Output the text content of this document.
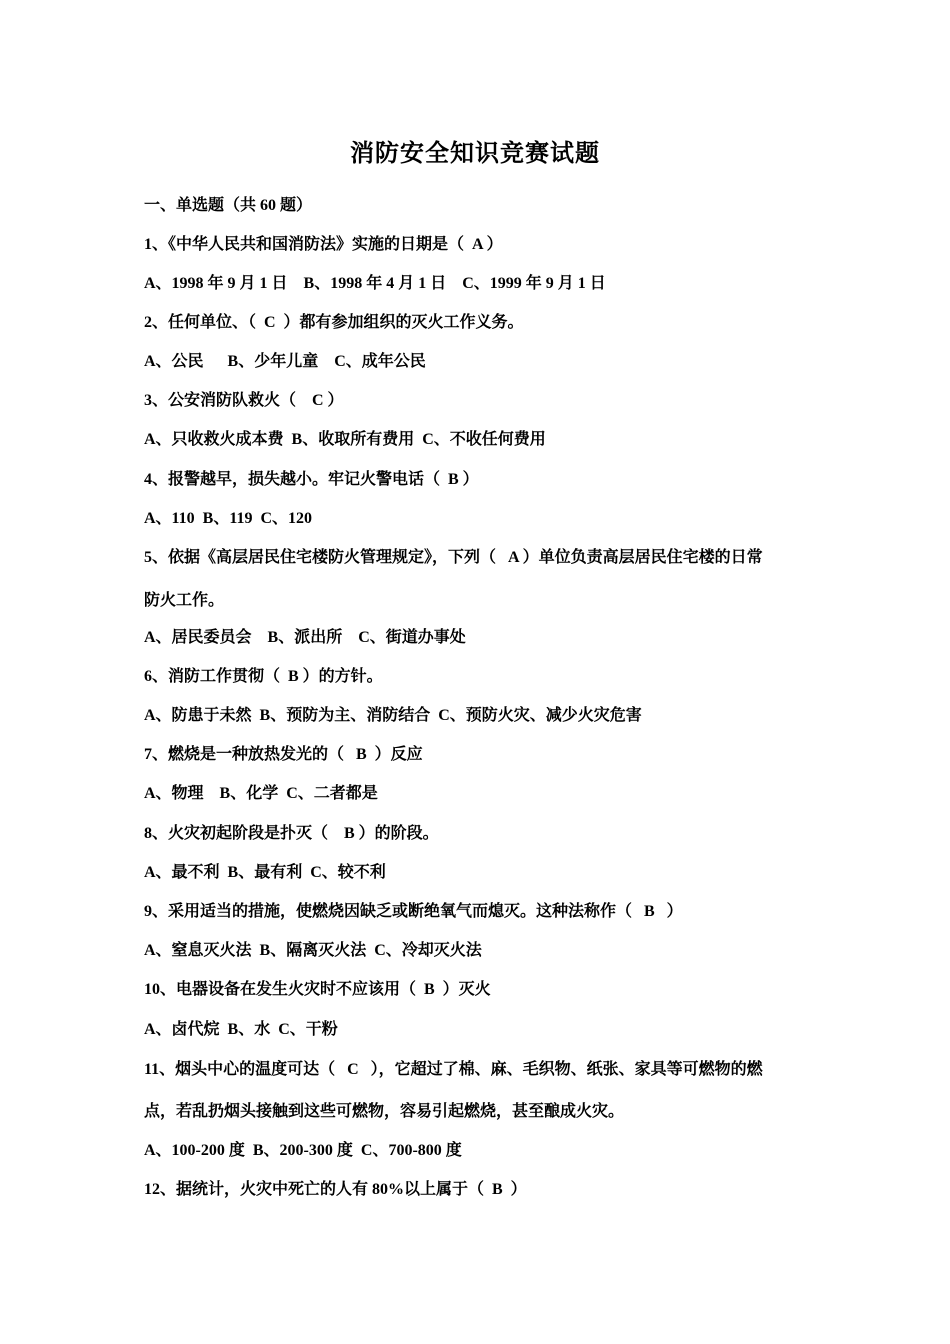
消防安全知识竞赛试题
一、单选题（共 60 题）
1、《中华人民共和国消防法》实施的日期是（  A ）
A、1998 年 9 月 1 日    B、1998 年 4 月 1 日    C、1999 年 9 月 1 日
2、任何单位、（  C  ）都有参加组织的灭火工作义务。
A、公民      B、少年儿童    C、成年公民
3、公安消防队救火（    C ）
A、只收救火成本费  B、收取所有费用  C、不收任何费用
4、报警越早，损失越小。牢记火警电话（  B ）
A、110  B、119  C、120
5、依据《高层居民住宅楼防火管理规定》，下列（   A ）单位负责高层居民住宅楼的日常
防火工作。
A、居民委员会    B、派出所    C、街道办事处
6、消防工作贯彻（  B ）的方针。
A、防患于未然  B、预防为主、消防结合  C、预防火灾、减少火灾危害
7、燃烧是一种放热发光的（   B  ）反应
A、物理    B、化学  C、二者都是
8、火灾初起阶段是扑灭（    B ）的阶段。
A、最不利  B、最有利  C、较不利
9、采用适当的措施，使燃烧因缺乏或断绝氧气而熄灭。这种法称作（   B   ）
A、窒息灭火法  B、隔离灭火法  C、冷却灭火法
10、电器设备在发生火灾时不应该用（  B  ）灭火
A、卤代烷  B、水  C、干粉
11、烟头中心的温度可达（   C   ），它超过了棉、麻、毛织物、纸张、家具等可燃物的燃
点，若乱扔烟头接触到这些可燃物，容易引起燃烧，甚至酿成火灾。
A、100-200 度  B、200-300 度  C、700-800 度
12、据统计，火灾中死亡的人有 80%以上属于（  B  ）
